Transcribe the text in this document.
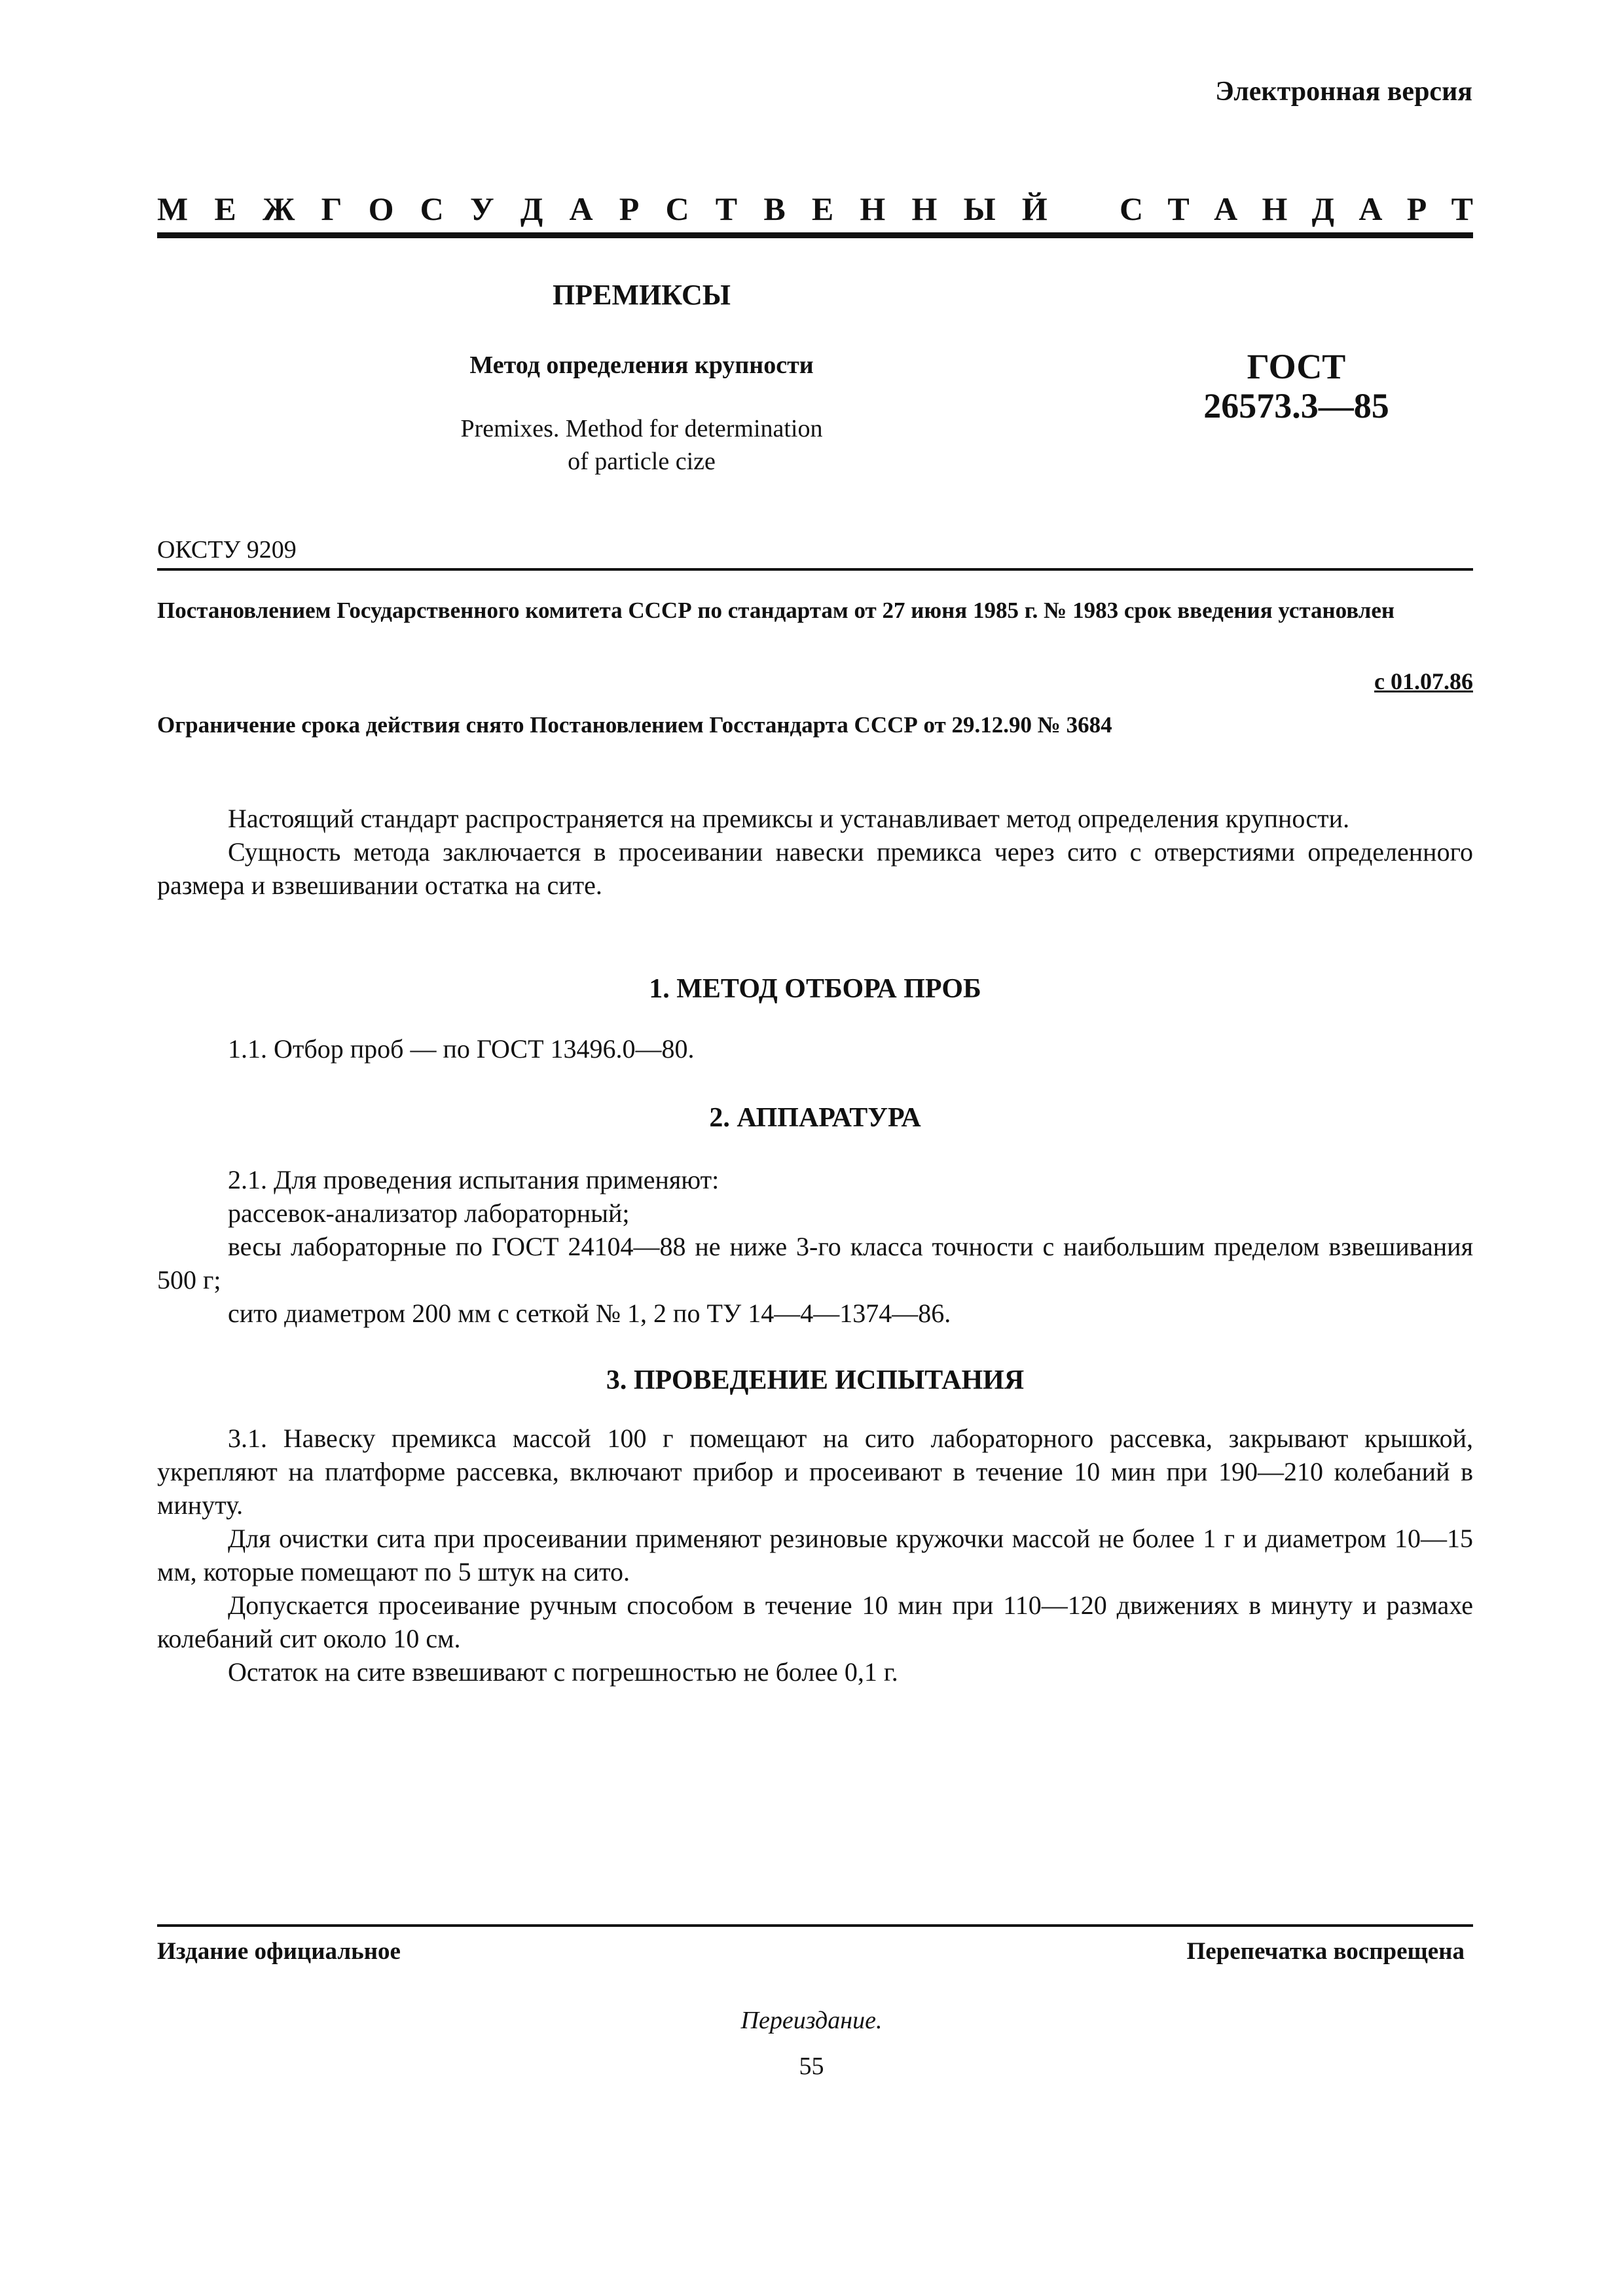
Электронная версия
М Е Ж Г О С У Д А Р С Т В Е Н Н Ы Й С Т А Н Д А Р Т
ПРЕМИКСЫ
Метод определения крупности
Premixes. Method for determination
of particle cize
ГОСТ
26573.3—85
ОКСТУ 9209
Постановлением Государственного комитета СССР по стандартам от 27 июня 1985 г. № 1983 срок введения установлен
с 01.07.86
Ограничение срока действия снято Постановлением Госстандарта СССР от 29.12.90 № 3684

Настоящий стандарт распространяется на премиксы и устанавливает метод определения крупности.

Сущность метода заключается в просеивании навески премикса через сито с отверстиями определенного размера и взвешивании остатка на сите.

1. МЕТОД ОТБОРА ПРОБ

1.1. Отбор проб — по ГОСТ 13496.0—80.

2. АППАРАТУРА

2.1. Для проведения испытания применяют:

рассевок-анализатор лабораторный;

весы лабораторные по ГОСТ 24104—88 не ниже 3-го класса точности с наибольшим пределом взвешивания 500 г;

сито диаметром 200 мм с сеткой № 1, 2 по ТУ 14—4—1374—86.

3. ПРОВЕДЕНИЕ ИСПЫТАНИЯ

3.1. Навеску премикса массой 100 г помещают на сито лабораторного рассевка, закрывают крышкой, укрепляют на платформе рассевка, включают прибор и просеивают в течение 10 мин при 190—210 колебаний в минуту.

Для очистки сита при просеивании применяют резиновые кружочки массой не более 1 г и диаметром 10—15 мм, которые помещают по 5 штук на сито.

Допускается просеивание ручным способом в течение 10 мин при 110—120 движениях в минуту и размахе колебаний сит около 10 см.

Остаток на сите взвешивают с погрешностью не более 0,1 г.

Издание официальное	Перепечатка воспрещена
Переиздание.
55
